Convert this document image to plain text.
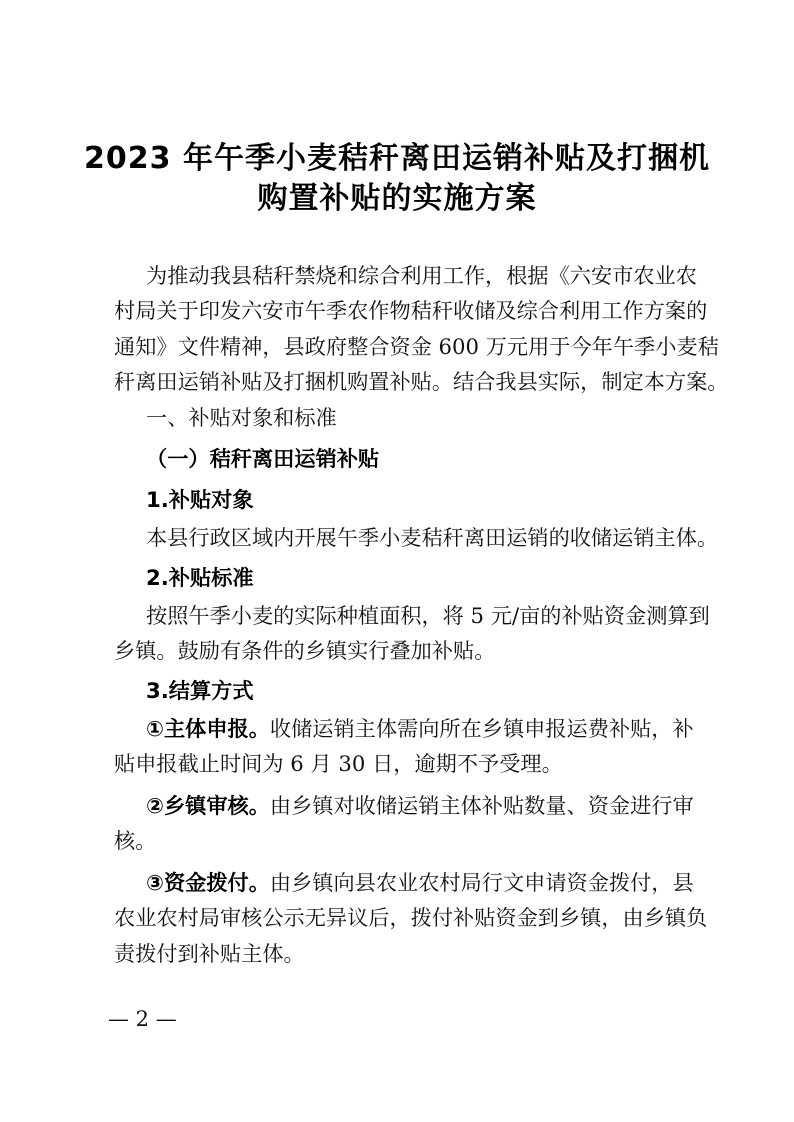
2023 年午季小麦秸秆离田运销补贴及打捆机
购置补贴的实施方案
为推动我县秸秆禁烧和综合利用工作，根据《六安市农业农
村局关于印发六安市午季农作物秸秆收储及综合利用工作方案的
通知》文件精神，县政府整合资金 600 万元用于今年午季小麦秸
秆离田运销补贴及打捆机购置补贴。结合我县实际，制定本方案。
一、补贴对象和标准
（一）秸秆离田运销补贴
1.补贴对象
本县行政区域内开展午季小麦秸秆离田运销的收储运销主体。
2.补贴标准
按照午季小麦的实际种植面积，将 5 元/亩的补贴资金测算到
乡镇。鼓励有条件的乡镇实行叠加补贴。
3.结算方式
①主体申报。收储运销主体需向所在乡镇申报运费补贴，补
贴申报截止时间为 6 月 30 日，逾期不予受理。
②乡镇审核。由乡镇对收储运销主体补贴数量、资金进行审
核。
③资金拨付。由乡镇向县农业农村局行文申请资金拨付，县
农业农村局审核公示无异议后，拨付补贴资金到乡镇，由乡镇负
责拨付到补贴主体。
— 2 —
